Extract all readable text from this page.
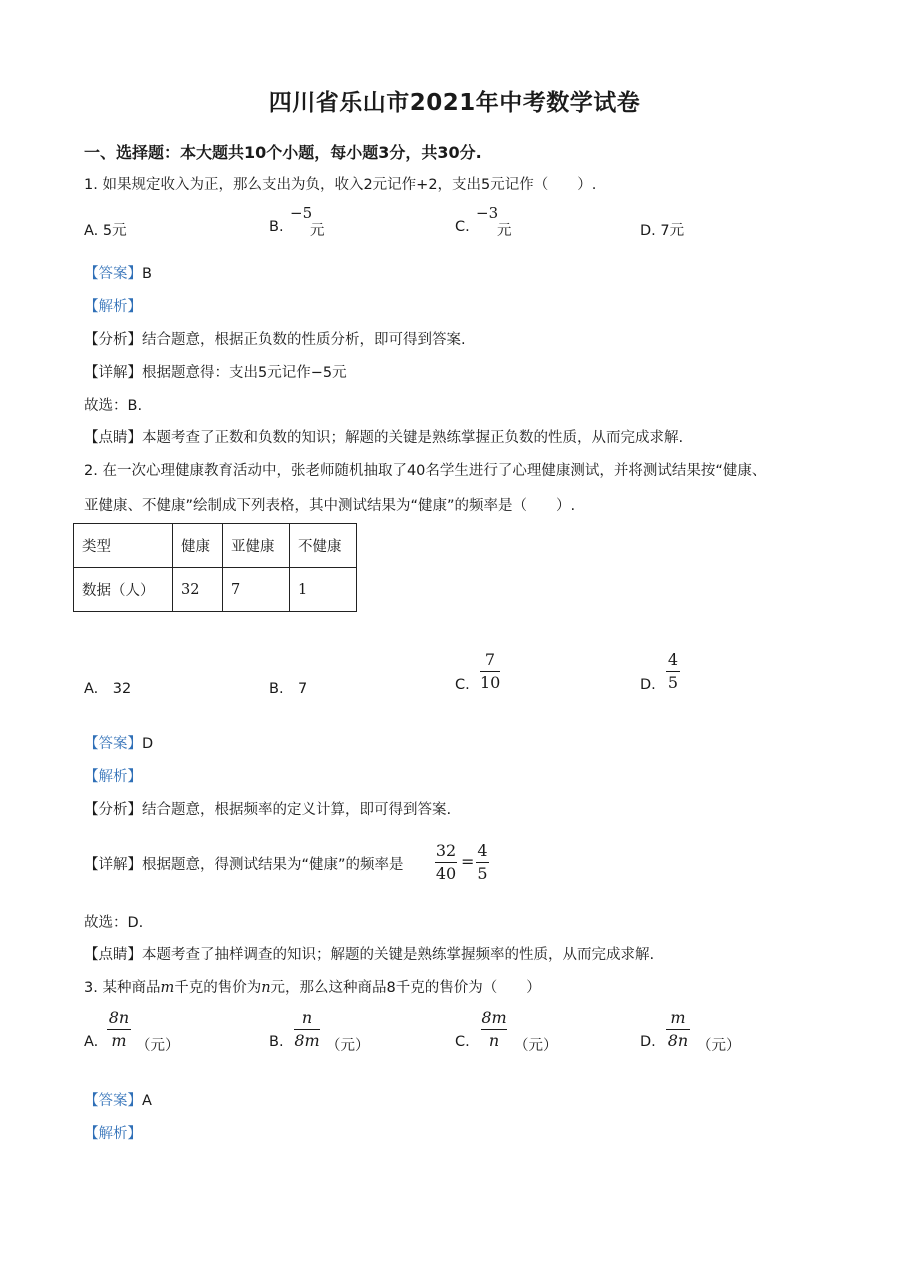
四川省乐山市2021年中考数学试卷
一、选择题：本大题共10个小题，每小题3分，共30分.
1. 如果规定收入为正，那么支出为负，收入2元记作+2，支出5元记作（　　）.
A. 5元	B.
−5
元	C.
−3
元	D. 7元
【答案】B
【解析】
【分析】结合题意，根据正负数的性质分析，即可得到答案.
【详解】根据题意得：支出5元记作−5元
故选：B.
【点睛】本题考查了正数和负数的知识；解题的关键是熟练掌握正负数的性质，从而完成求解.
2. 在一次心理健康教育活动中，张老师随机抽取了40名学生进行了心理健康测试，并将测试结果按“健康、
亚健康、不健康”绘制成下列表格，其中测试结果为“健康”的频率是（　　）.
类型	健康	亚健康	不健康
数据（人）	32	7	1
A.　32	B.　7	C.
7
10	D.
4
5
【答案】D
【解析】
【分析】结合题意，根据频率的定义计算，即可得到答案.
【详解】根据题意，得测试结果为“健康”的频率是
32
40
=
4
5
故选：D.
【点睛】本题考查了抽样调查的知识；解题的关键是熟练掌握频率的性质，从而完成求解.
3. 某种商品m千克的售价为n元，那么这种商品8千克的售价为（　　）
A.
8n
m （元）	B.
n
8m （元）	C.
8m
n	（元）	D.
m
8n （元）
【答案】A
【解析】
